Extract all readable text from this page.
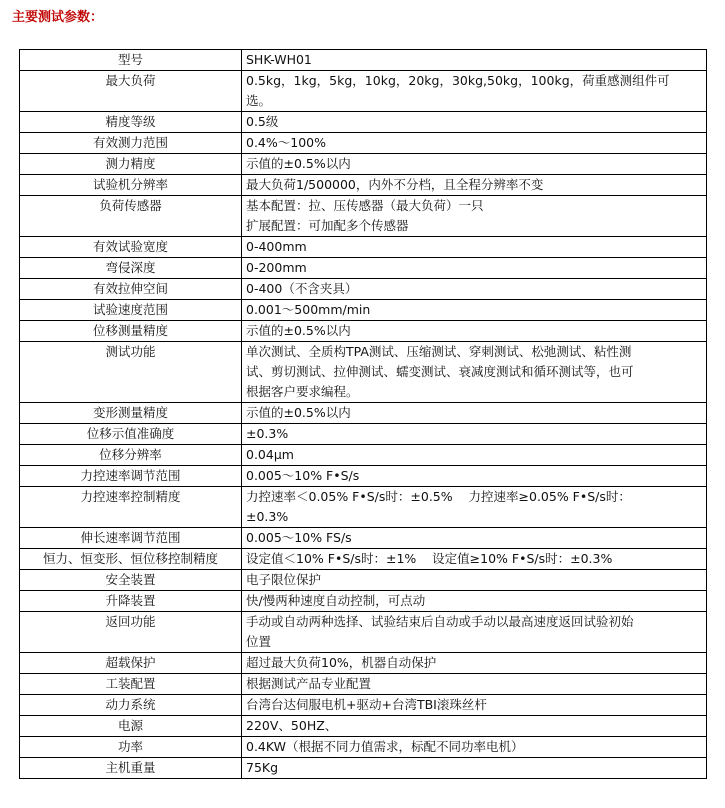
主要测试参数：
型号	SHK-WH01

最大负荷	0.5kg，1kg，5kg，10kg，20kg，30kg,50kg，100kg，荷重感测组件可
选。

精度等级	0.5级

有效测力范围	0.4%～100%

测力精度	示值的±0.5%以内

试验机分辨率	最大负荷1/500000，内外不分档，且全程分辨率不变

负荷传感器	基本配置：拉、压传感器（最大负荷）一只
扩展配置：可加配多个传感器

有效试验宽度	0-400mm

弯侵深度	0-200mm

有效拉伸空间	0-400（不含夹具）

试验速度范围	0.001～500mm/min

位移测量精度	示值的±0.5%以内

测试功能	单次测试、全质构TPA测试、压缩测试、穿刺测试、松弛测试、粘性测
试、剪切测试、拉伸测试、蠕变测试、衰减度测试和循环测试等，也可
根据客户要求编程。

变形测量精度	示值的±0.5%以内

位移示值准确度	±0.3%

位移分辨率	0.04μm

力控速率调节范围	0.005～10% F•S/s

力控速率控制精度	力控速率＜0.05% F•S/s时：±0.5%    力控速率≥0.05% F•S/s时：
±0.3%

伸长速率调节范围	0.005～10% FS/s

恒力、恒变形、恒位移控制精度	设定值＜10% F•S/s时：±1%    设定值≥10% F•S/s时：±0.3%

安全装置	电子限位保护

升降装置	快/慢两种速度自动控制，可点动

返回功能	手动或自动两种选择、试验结束后自动或手动以最高速度返回试验初始
位置

超载保护	超过最大负荷10%，机器自动保护

工装配置	根据测试产品专业配置

动力系统	台湾台达伺服电机+驱动+台湾TBI滚珠丝杆

电源	220V、50HZ、

功率	0.4KW（根据不同力值需求，标配不同功率电机）

主机重量	75Kg
